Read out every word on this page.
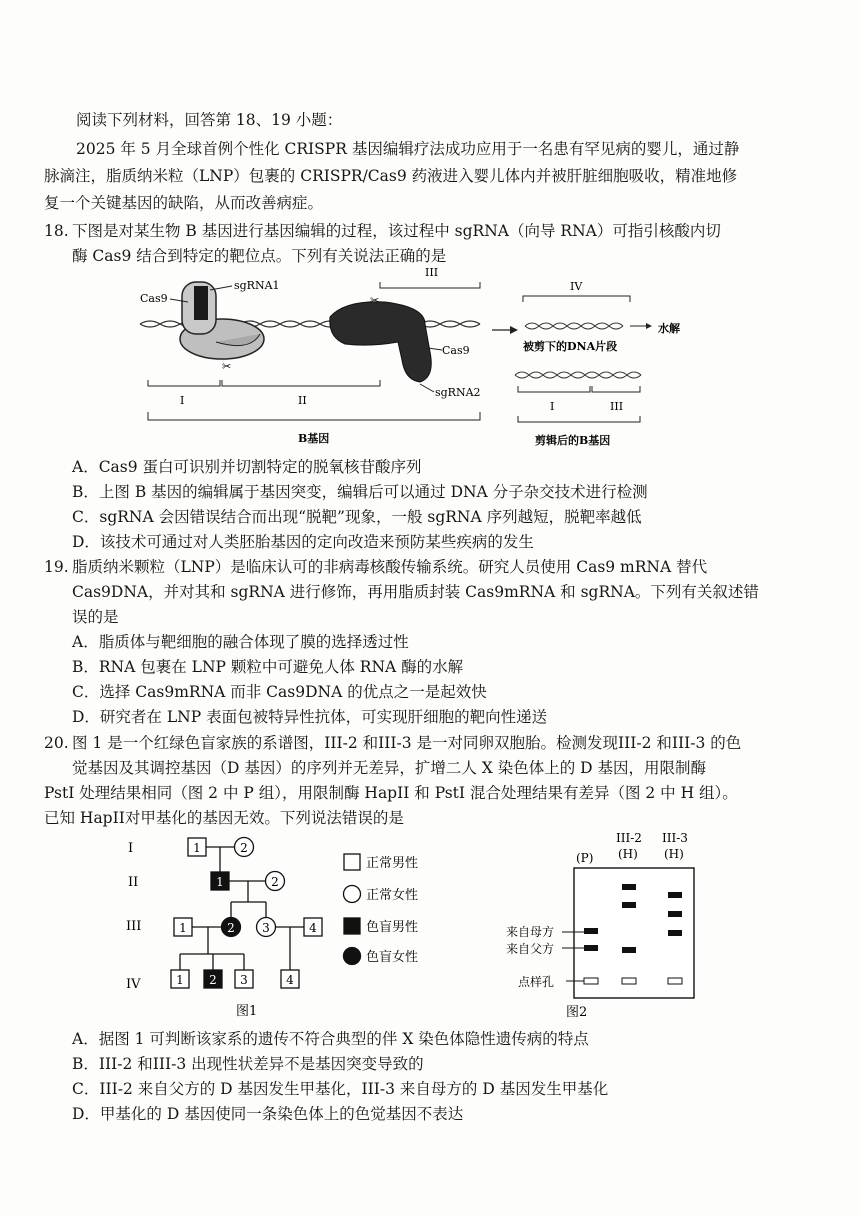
阅读下列材料，回答第 18、19 小题：
2025 年 5 月全球首例个性化 CRISPR 基因编辑疗法成功应用于一名患有罕见病的婴儿，通过静
脉滴注，脂质纳米粒（LNP）包裹的 CRISPR/Cas9 药液进入婴儿体内并被肝脏细胞吸收，精准地修
复一个关键基因的缺陷，从而改善病症。
18. 下图是对某生物 B 基因进行基因编辑的过程，该过程中 sgRNA（向导 RNA）可指引核酸内切
酶 Cas9 结合到特定的靶位点。下列有关说法正确的是
Cas9
sgRNA1
✂
✂
Cas9
sgRNA2
III
I	II
B基因
IV
水解
被剪下的DNA片段
I	III
剪辑后的B基因
A．Cas9 蛋白可识别并切割特定的脱氧核苷酸序列
B．上图 B 基因的编辑属于基因突变，编辑后可以通过 DNA 分子杂交技术进行检测
C．sgRNA 会因错误结合而出现“脱靶”现象，一般 sgRNA 序列越短，脱靶率越低
D．该技术可通过对人类胚胎基因的定向改造来预防某些疾病的发生
19. 脂质纳米颗粒（LNP）是临床认可的非病毒核酸传输系统。研究人员使用 Cas9 mRNA 替代
Cas9DNA，并对其和 sgRNA 进行修饰，再用脂质封装 Cas9mRNA 和 sgRNA。下列有关叙述错
误的是
A．脂质体与靶细胞的融合体现了膜的选择透过性
B．RNA 包裹在 LNP 颗粒中可避免人体 RNA 酶的水解
C．选择 Cas9mRNA 而非 Cas9DNA 的优点之一是起效快
D．研究者在 LNP 表面包被特异性抗体，可实现肝细胞的靶向性递送
20. 图 1 是一个红绿色盲家族的系谱图，III-2 和III-3 是一对同卵双胞胎。检测发现III-2 和III-3 的色
觉基因及其调控基因（D 基因）的序列并无差异，扩增二人 X 染色体上的 D 基因，用限制酶
PstI 处理结果相同（图 2 中 P 组），用限制酶 HapII 和 PstI 混合处理结果有差异（图 2 中 H 组）。
已知 HapII对甲基化的基因无效。下列说法错误的是
I
II
III
IV
1	2
1	2
1	2 3	4
1 2 3	4
正常男性
正常女性
色盲男性
色盲女性
图1
III-2 III-3
(P) (H) (H)
来自母方
来自父方
点样孔
图2
A．据图 1 可判断该家系的遗传不符合典型的伴 X 染色体隐性遗传病的特点
B．III-2 和III-3 出现性状差异不是基因突变导致的
C．III-2 来自父方的 D 基因发生甲基化，III-3 来自母方的 D 基因发生甲基化
D．甲基化的 D 基因使同一条染色体上的色觉基因不表达
